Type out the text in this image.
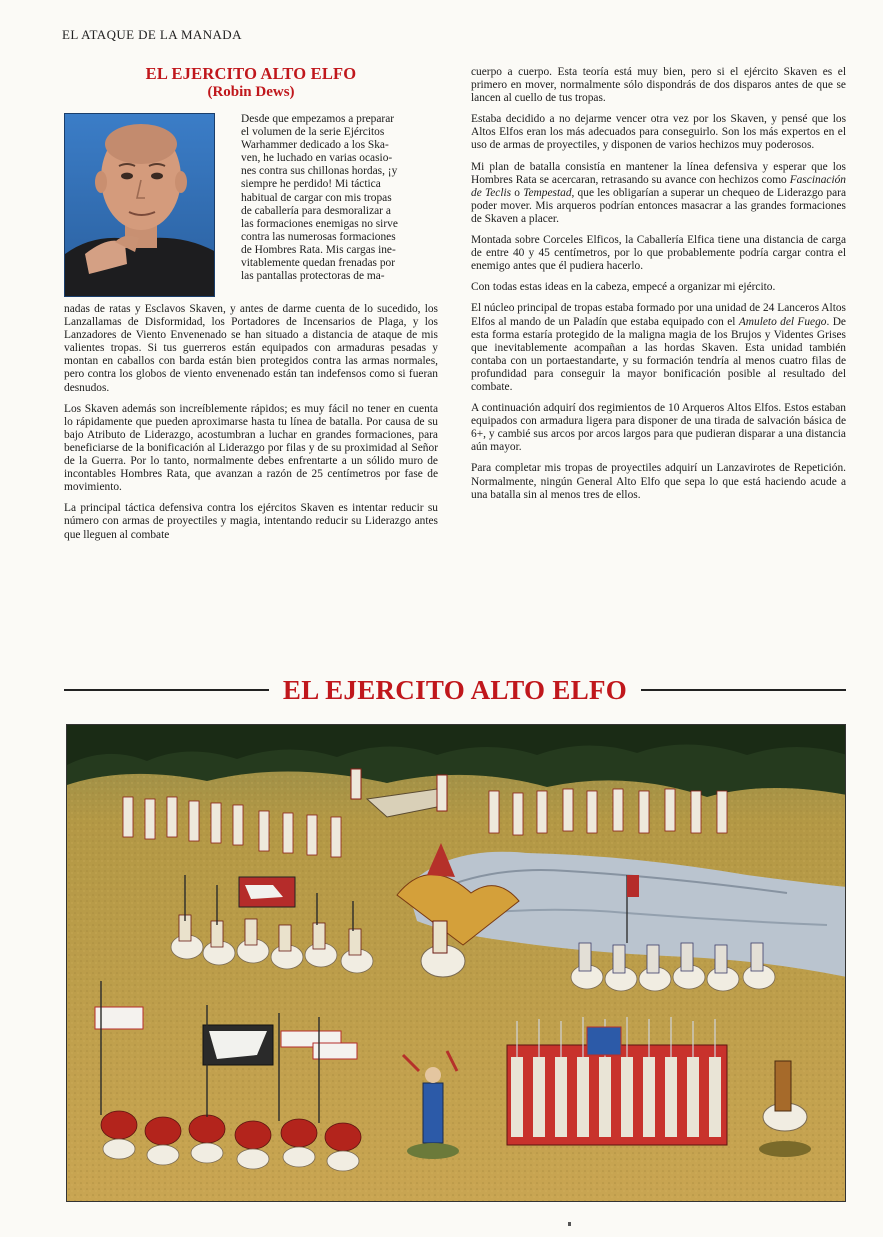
EL ATAQUE DE LA MANADA
EL EJERCITO ALTO ELFO
(Robin Dews)
Desde que empezamos a preparar
el volumen de la serie Ejércitos
Warhammer dedicado a los Ska-
ven, he luchado en varias ocasio-
nes contra sus chillonas hordas, ¡y
siempre he perdido! Mi táctica
habitual de cargar con mis tropas
de caballería para desmoralizar a
las formaciones enemigas no sirve
contra las numerosas formaciones
de Hombres Rata. Mis cargas ine-
vitablemente quedan frenadas por
las pantallas protectoras de ma-

nadas de ratas y Esclavos Skaven, y antes de darme cuenta de lo sucedido, los Lanzallamas de Disformidad, los Portadores de Incensarios de Plaga, y los Lanzadores de Viento Envenenado se han situado a distancia de ataque de mis valientes tropas. Si tus guerreros están equipados con armaduras pesadas y montan en caballos con barda están bien protegidos contra las armas normales, pero contra los globos de viento envenenado están tan indefensos como si fueran desnudos.

Los Skaven además son increíblemente rápidos; es muy fácil no tener en cuenta lo rápidamente que pueden aproximarse hasta tu línea de batalla. Por causa de su bajo Atributo de Liderazgo, acostumbran a luchar en grandes formaciones, para beneficiarse de la bonificación al Liderazgo por filas y de su proximidad al Señor de la Guerra. Por lo tanto, normalmente debes enfrentarte a un sólido muro de incontables Hombres Rata, que avanzan a razón de 25 centímetros por fase de movimiento.

La principal táctica defensiva contra los ejércitos Skaven es intentar reducir su número con armas de proyectiles y magia, intentando reducir su Liderazgo antes que lleguen al combate

cuerpo a cuerpo. Esta teoría está muy bien, pero si el ejército Skaven es el primero en mover, normalmente sólo dispondrás de dos disparos antes de que se lancen al cuello de tus tropas.

Estaba decidido a no dejarme vencer otra vez por los Skaven, y pensé que los Altos Elfos eran los más adecuados para conseguirlo. Son los más expertos en el uso de armas de proyectiles, y disponen de varios hechizos muy poderosos.

Mi plan de batalla consistía en mantener la línea defensiva y esperar que los Hombres Rata se acercaran, retrasando su avance con hechizos como Fascinación de Teclis o Tempestad, que les obligarían a superar un chequeo de Liderazgo para poder mover. Mis arqueros podrían entonces masacrar a las grandes formaciones de Skaven a placer.

Montada sobre Corceles Elficos, la Caballería Elfica tiene una distancia de carga de entre 40 y 45 centímetros, por lo que probablemente podría cargar contra el enemigo antes que él pudiera hacerlo.

Con todas estas ideas en la cabeza, empecé a organizar mi ejército.

El núcleo principal de tropas estaba formado por una unidad de 24 Lanceros Altos Elfos al mando de un Paladín que estaba equipado con el Amuleto del Fuego. De esta forma estaría protegido de la maligna magia de los Brujos y Videntes Grises que inevitablemente acompañan a las hordas Skaven. Esta unidad también contaba con un portaestandarte, y su formación tendría al menos cuatro filas de profundidad para conseguir la mayor bonificación posible al resultado del combate.

A continuación adquirí dos regimientos de 10 Arqueros Altos Elfos. Estos estaban equipados con armadura ligera para disponer de una tirada de salvación básica de 6+, y cambié sus arcos por arcos largos para que pudieran disparar a una distancia aún mayor.

Para completar mis tropas de proyectiles adquirí un Lanzavirotes de Repetición. Normalmente, ningún General Alto Elfo que sepa lo que está haciendo acude a una batalla sin al menos tres de ellos.

EL EJERCITO ALTO ELFO
